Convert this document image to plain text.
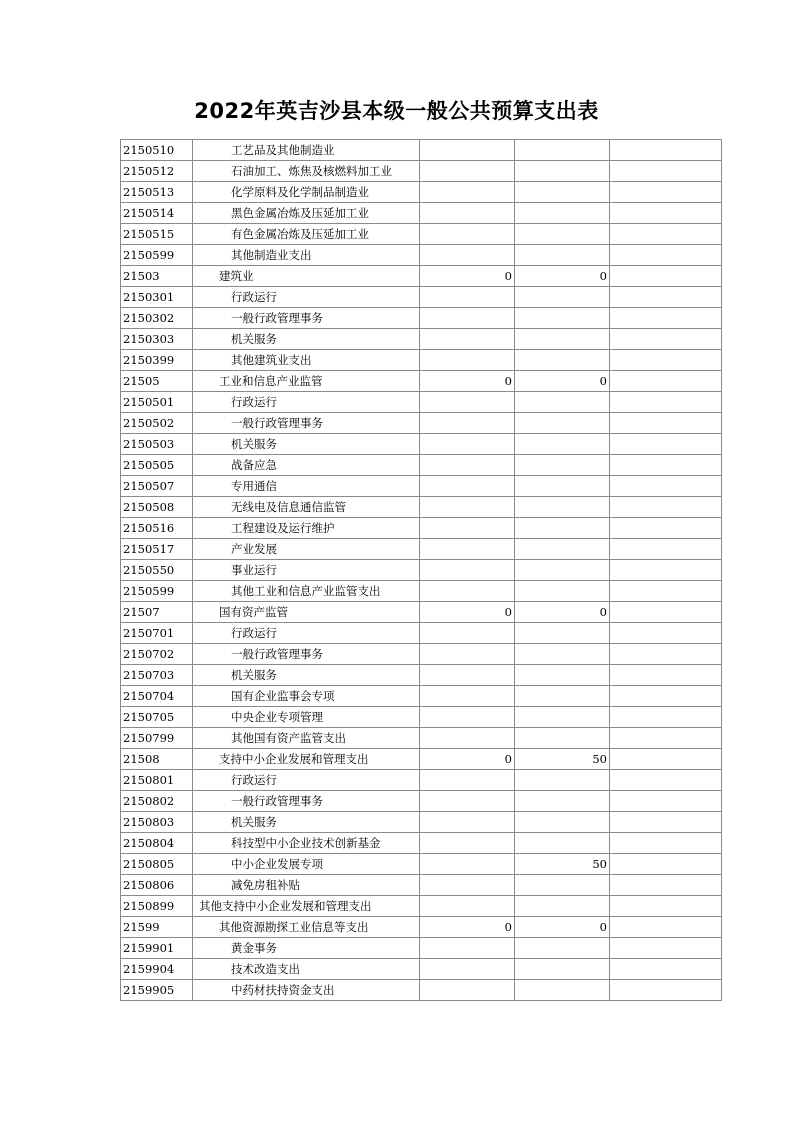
2022年英吉沙县本级一般公共预算支出表
2150510	工艺品及其他制造业			
2150512	石油加工、炼焦及核燃料加工业			
2150513	化学原料及化学制品制造业			
2150514	黑色金属冶炼及压延加工业			
2150515	有色金属冶炼及压延加工业			
2150599	其他制造业支出			
21503	建筑业	0	0	
2150301	行政运行			
2150302	一般行政管理事务			
2150303	机关服务			
2150399	其他建筑业支出			
21505	工业和信息产业监管	0	0	
2150501	行政运行			
2150502	一般行政管理事务			
2150503	机关服务			
2150505	战备应急			
2150507	专用通信			
2150508	无线电及信息通信监管			
2150516	工程建设及运行维护			
2150517	产业发展			
2150550	事业运行			
2150599	其他工业和信息产业监管支出			
21507	国有资产监管	0	0	
2150701	行政运行			
2150702	一般行政管理事务			
2150703	机关服务			
2150704	国有企业监事会专项			
2150705	中央企业专项管理			
2150799	其他国有资产监管支出			
21508	支持中小企业发展和管理支出	0	50	
2150801	行政运行			
2150802	一般行政管理事务			
2150803	机关服务			
2150804	科技型中小企业技术创新基金			
2150805	中小企业发展专项		50	
2150806	减免房租补贴			
2150899	其他支持中小企业发展和管理支出			
21599	其他资源勘探工业信息等支出	0	0	
2159901	黄金事务			
2159904	技术改造支出			
2159905	中药材扶持资金支出			
